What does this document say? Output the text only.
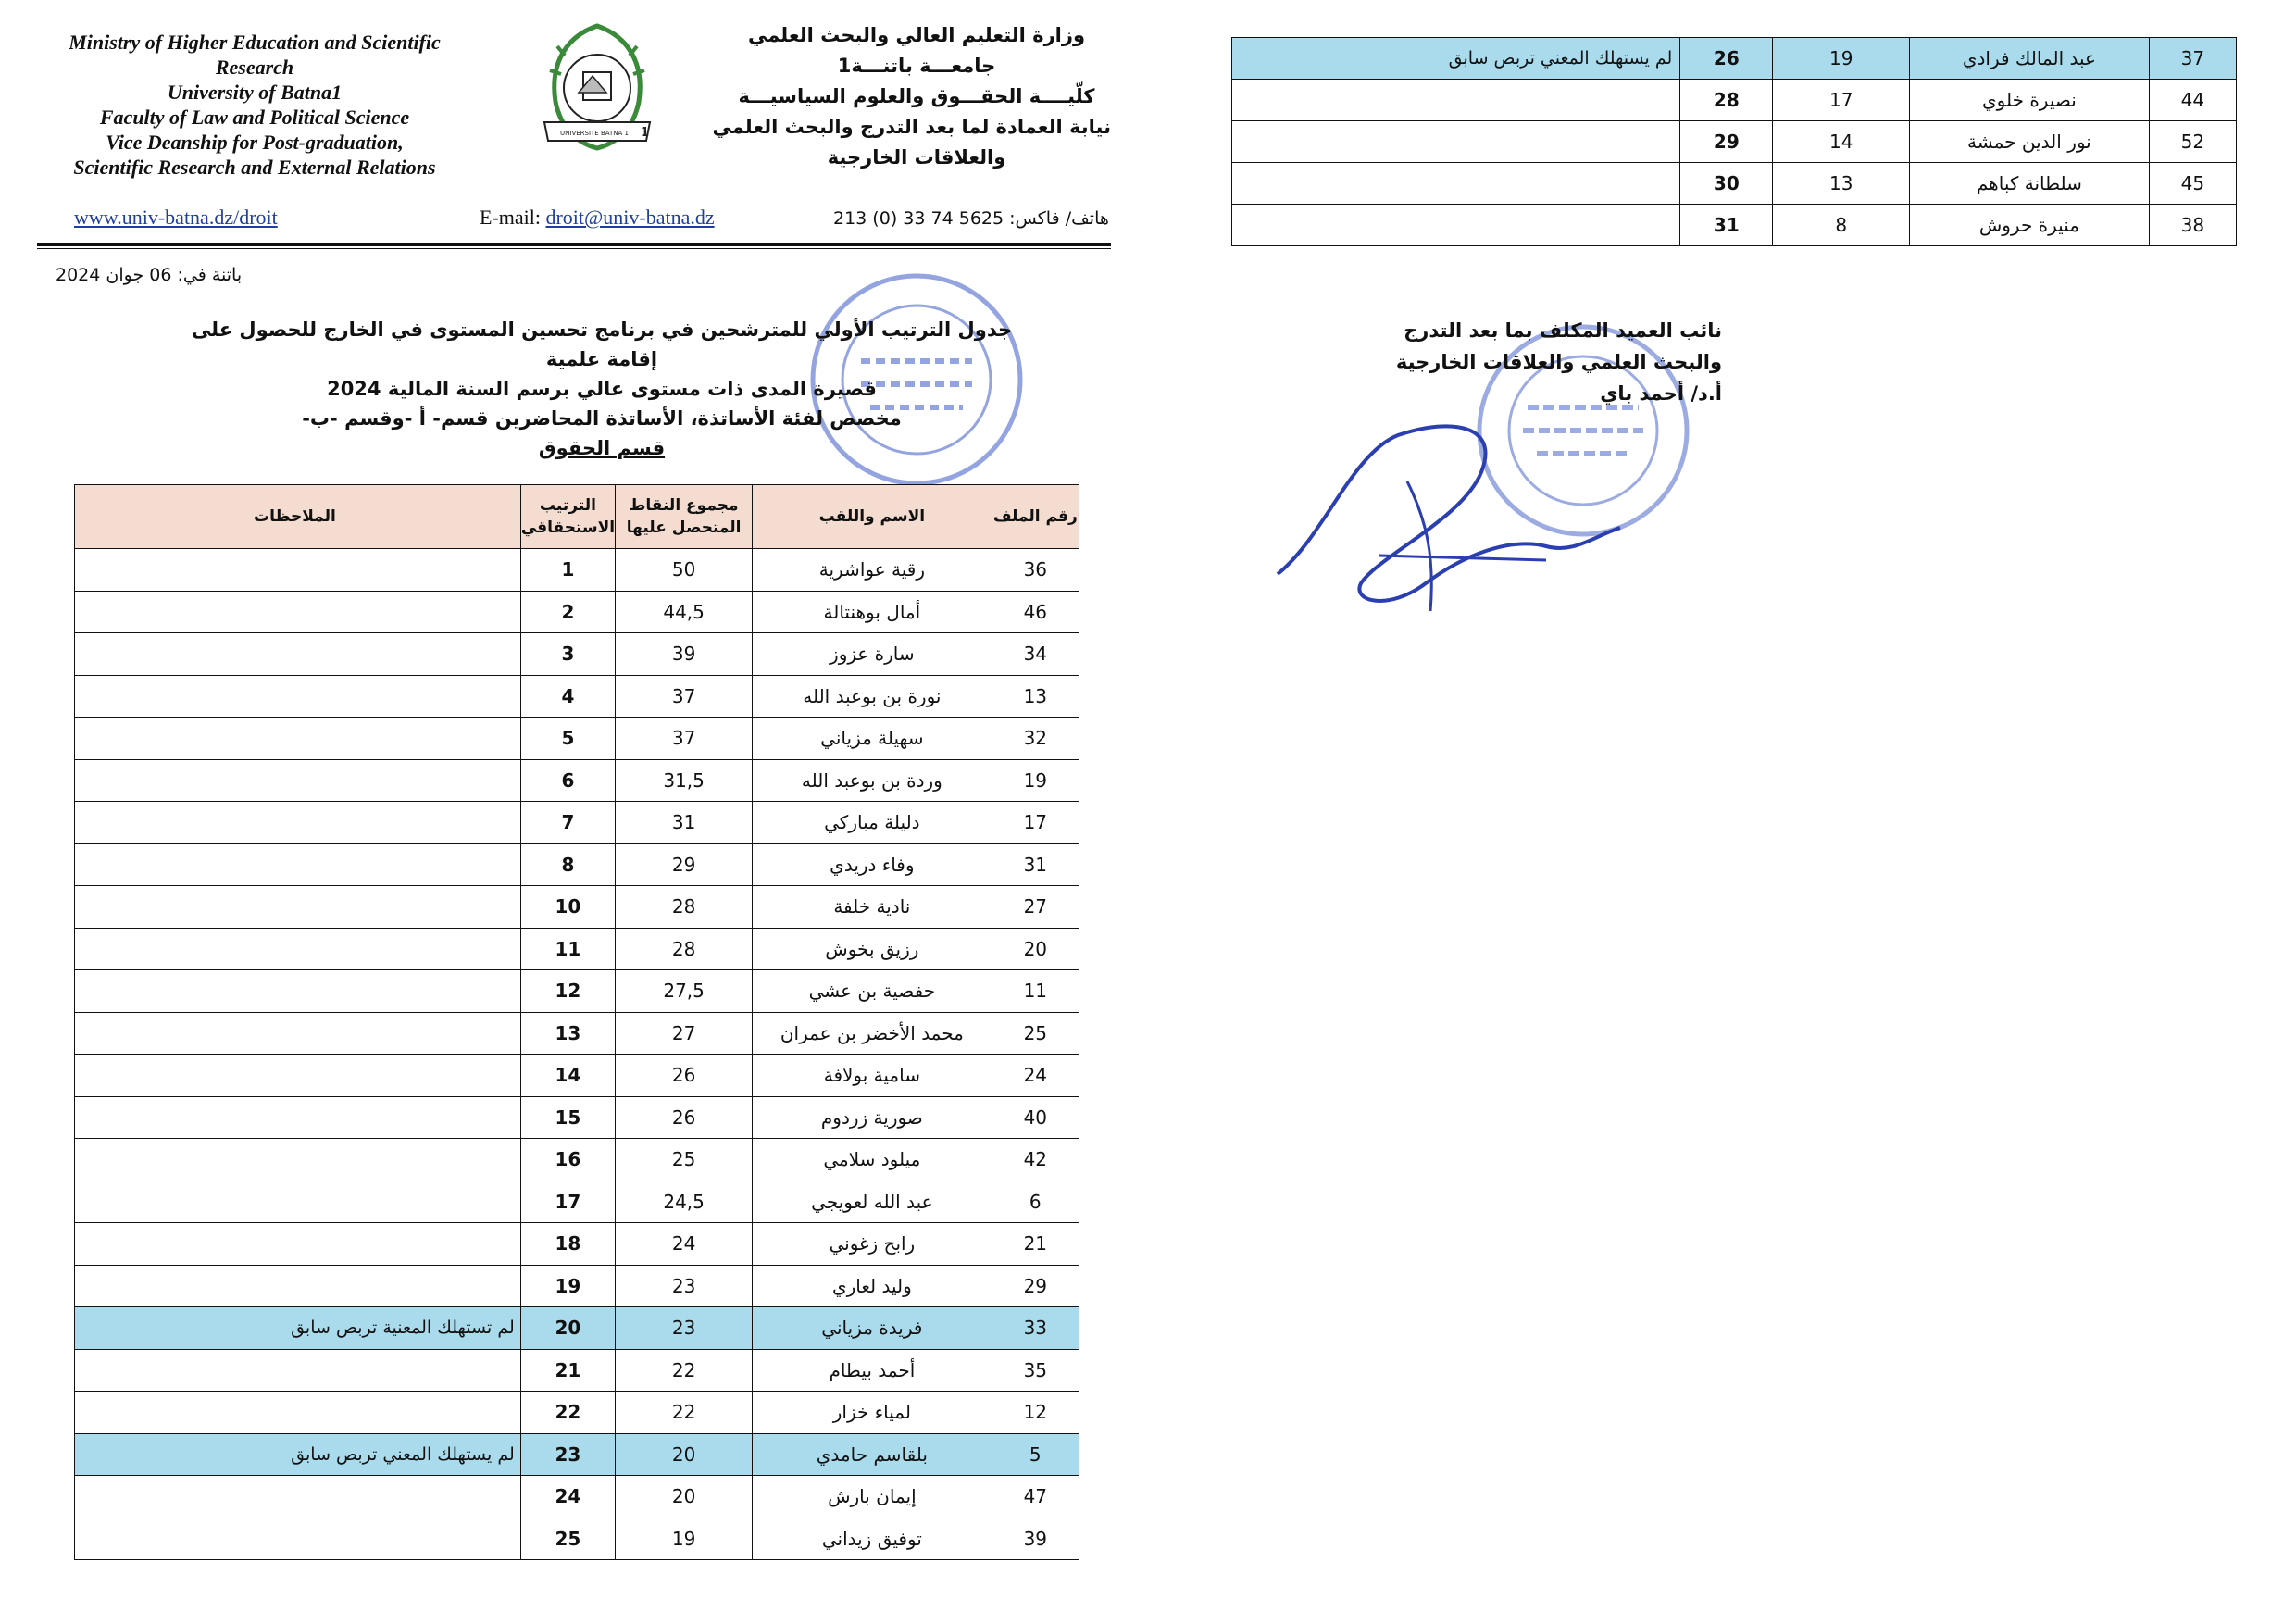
Ministry of Higher Education and Scientific
Research
University of Batna1
Faculty of Law and Political Science
Vice Deanship for Post-graduation,
Scientific Research and External Relations
UNIVERSITE BATNA 1 1
وزارة التعليم العالي والبحث العلمي
جامعـــة باتنـــة1
كلّيــــة الحقـــوق والعلوم السياسيـــة
نيابة العمادة لما بعد التدرج والبحث العلمي
والعلاقات الخارجية
www.univ-batna.dz/droit	E-mail: droit@univ-batna.dz	هاتف/ فاكس: 5625 74 33 (0) 213
باتنة في: 06 جوان 2024
جدول الترتيب الأولي للمترشحين في برنامج تحسين المستوى في الخارج للحصول على إقامة علمية
قصيرة المدى ذات مستوى عالي برسم السنة المالية 2024
مخصص لفئة الأساتذة، الأساتذة المحاضرين قسم- أ -وقسم -ب-
قسم الحقوق
رقم الملف	الاسم واللقب	مجموع النقاط المتحصل عليها	الترتيب الاستحقاقي	الملاحظات
36	رقية عواشرية	50	1	
46	أمال بوهنتالة	44,5	2	
34	سارة عزوز	39	3	
13	نورة بن بوعبد الله	37	4	
32	سهيلة مزياني	37	5	
19	وردة بن بوعبد الله	31,5	6	
17	دليلة مباركي	31	7	
31	وفاء دريدي	29	8	
27	نادية خلفة	28	10	
20	رزيق بخوش	28	11	
11	حفصية بن عشي	27,5	12	
25	محمد الأخضر بن عمران	27	13	
24	سامية بولافة	26	14	
40	صورية زردوم	26	15	
42	ميلود سلامي	25	16	
6	عبد الله لعويجي	24,5	17	
21	رابح زغوني	24	18	
29	وليد لعاري	23	19	
33	فريدة مزياني	23	20	لم تستهلك المعنية تربص سابق
35	أحمد بيطام	22	21	
12	لمياء خزار	22	22	
5	بلقاسم حامدي	20	23	لم يستهلك المعني تربص سابق
47	إيمان بارش	20	24	
39	توفيق زيداني	19	25	
37	عبد المالك فرادي	19	26	لم يستهلك المعني تربص سابق
44	نصيرة خلوي	17	28	
52	نور الدين حمشة	14	29	
45	سلطانة كباهم	13	30	
38	منيرة حروش	8	31	
نائب العميد المكلف بما بعد التدرج
والبحث العلمي والعلاقات الخارجية
أ.د/ أحمد باي
